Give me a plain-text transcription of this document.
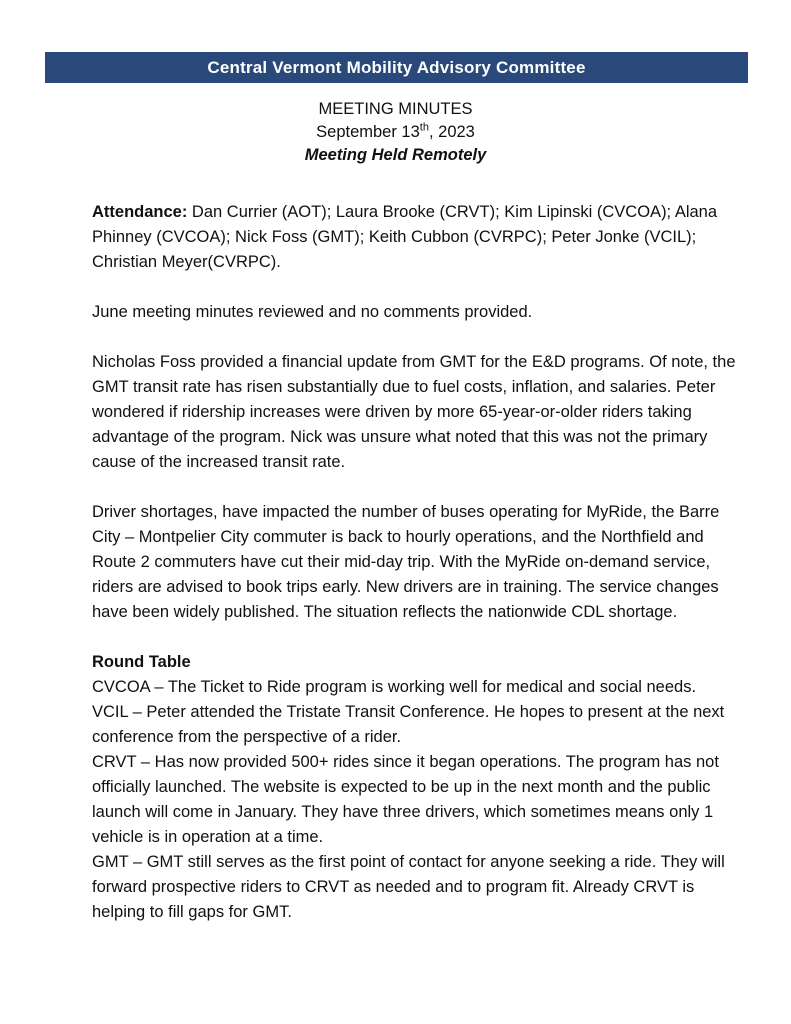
Central Vermont Mobility Advisory Committee
MEETING MINUTES
September 13th, 2023
Meeting Held Remotely

Attendance: Dan Currier (AOT); Laura Brooke (CRVT); Kim Lipinski (CVCOA); Alana Phinney (CVCOA); Nick Foss (GMT); Keith Cubbon (CVRPC); Peter Jonke (VCIL); Christian Meyer(CVRPC).

June meeting minutes reviewed and no comments provided.

Nicholas Foss provided a financial update from GMT for the E&D programs. Of note, the GMT transit rate has risen substantially due to fuel costs, inflation, and salaries. Peter wondered if ridership increases were driven by more 65-year-or-older riders taking advantage of the program. Nick was unsure what noted that this was not the primary cause of the increased transit rate.

Driver shortages, have impacted the number of buses operating for MyRide, the Barre City – Montpelier City commuter is back to hourly operations, and the Northfield and Route 2 commuters have cut their mid-day trip. With the MyRide on-demand service, riders are advised to book trips early. New drivers are in training. The service changes have been widely published. The situation reflects the nationwide CDL shortage.

Round Table

CVCOA – The Ticket to Ride program is working well for medical and social needs.

VCIL – Peter attended the Tristate Transit Conference. He hopes to present at the next conference from the perspective of a rider.

CRVT – Has now provided 500+ rides since it began operations. The program has not officially launched. The website is expected to be up in the next month and the public launch will come in January. They have three drivers, which sometimes means only 1 vehicle is in operation at a time.

GMT – GMT still serves as the first point of contact for anyone seeking a ride. They will forward prospective riders to CRVT as needed and to program fit. Already CRVT is helping to fill gaps for GMT.
